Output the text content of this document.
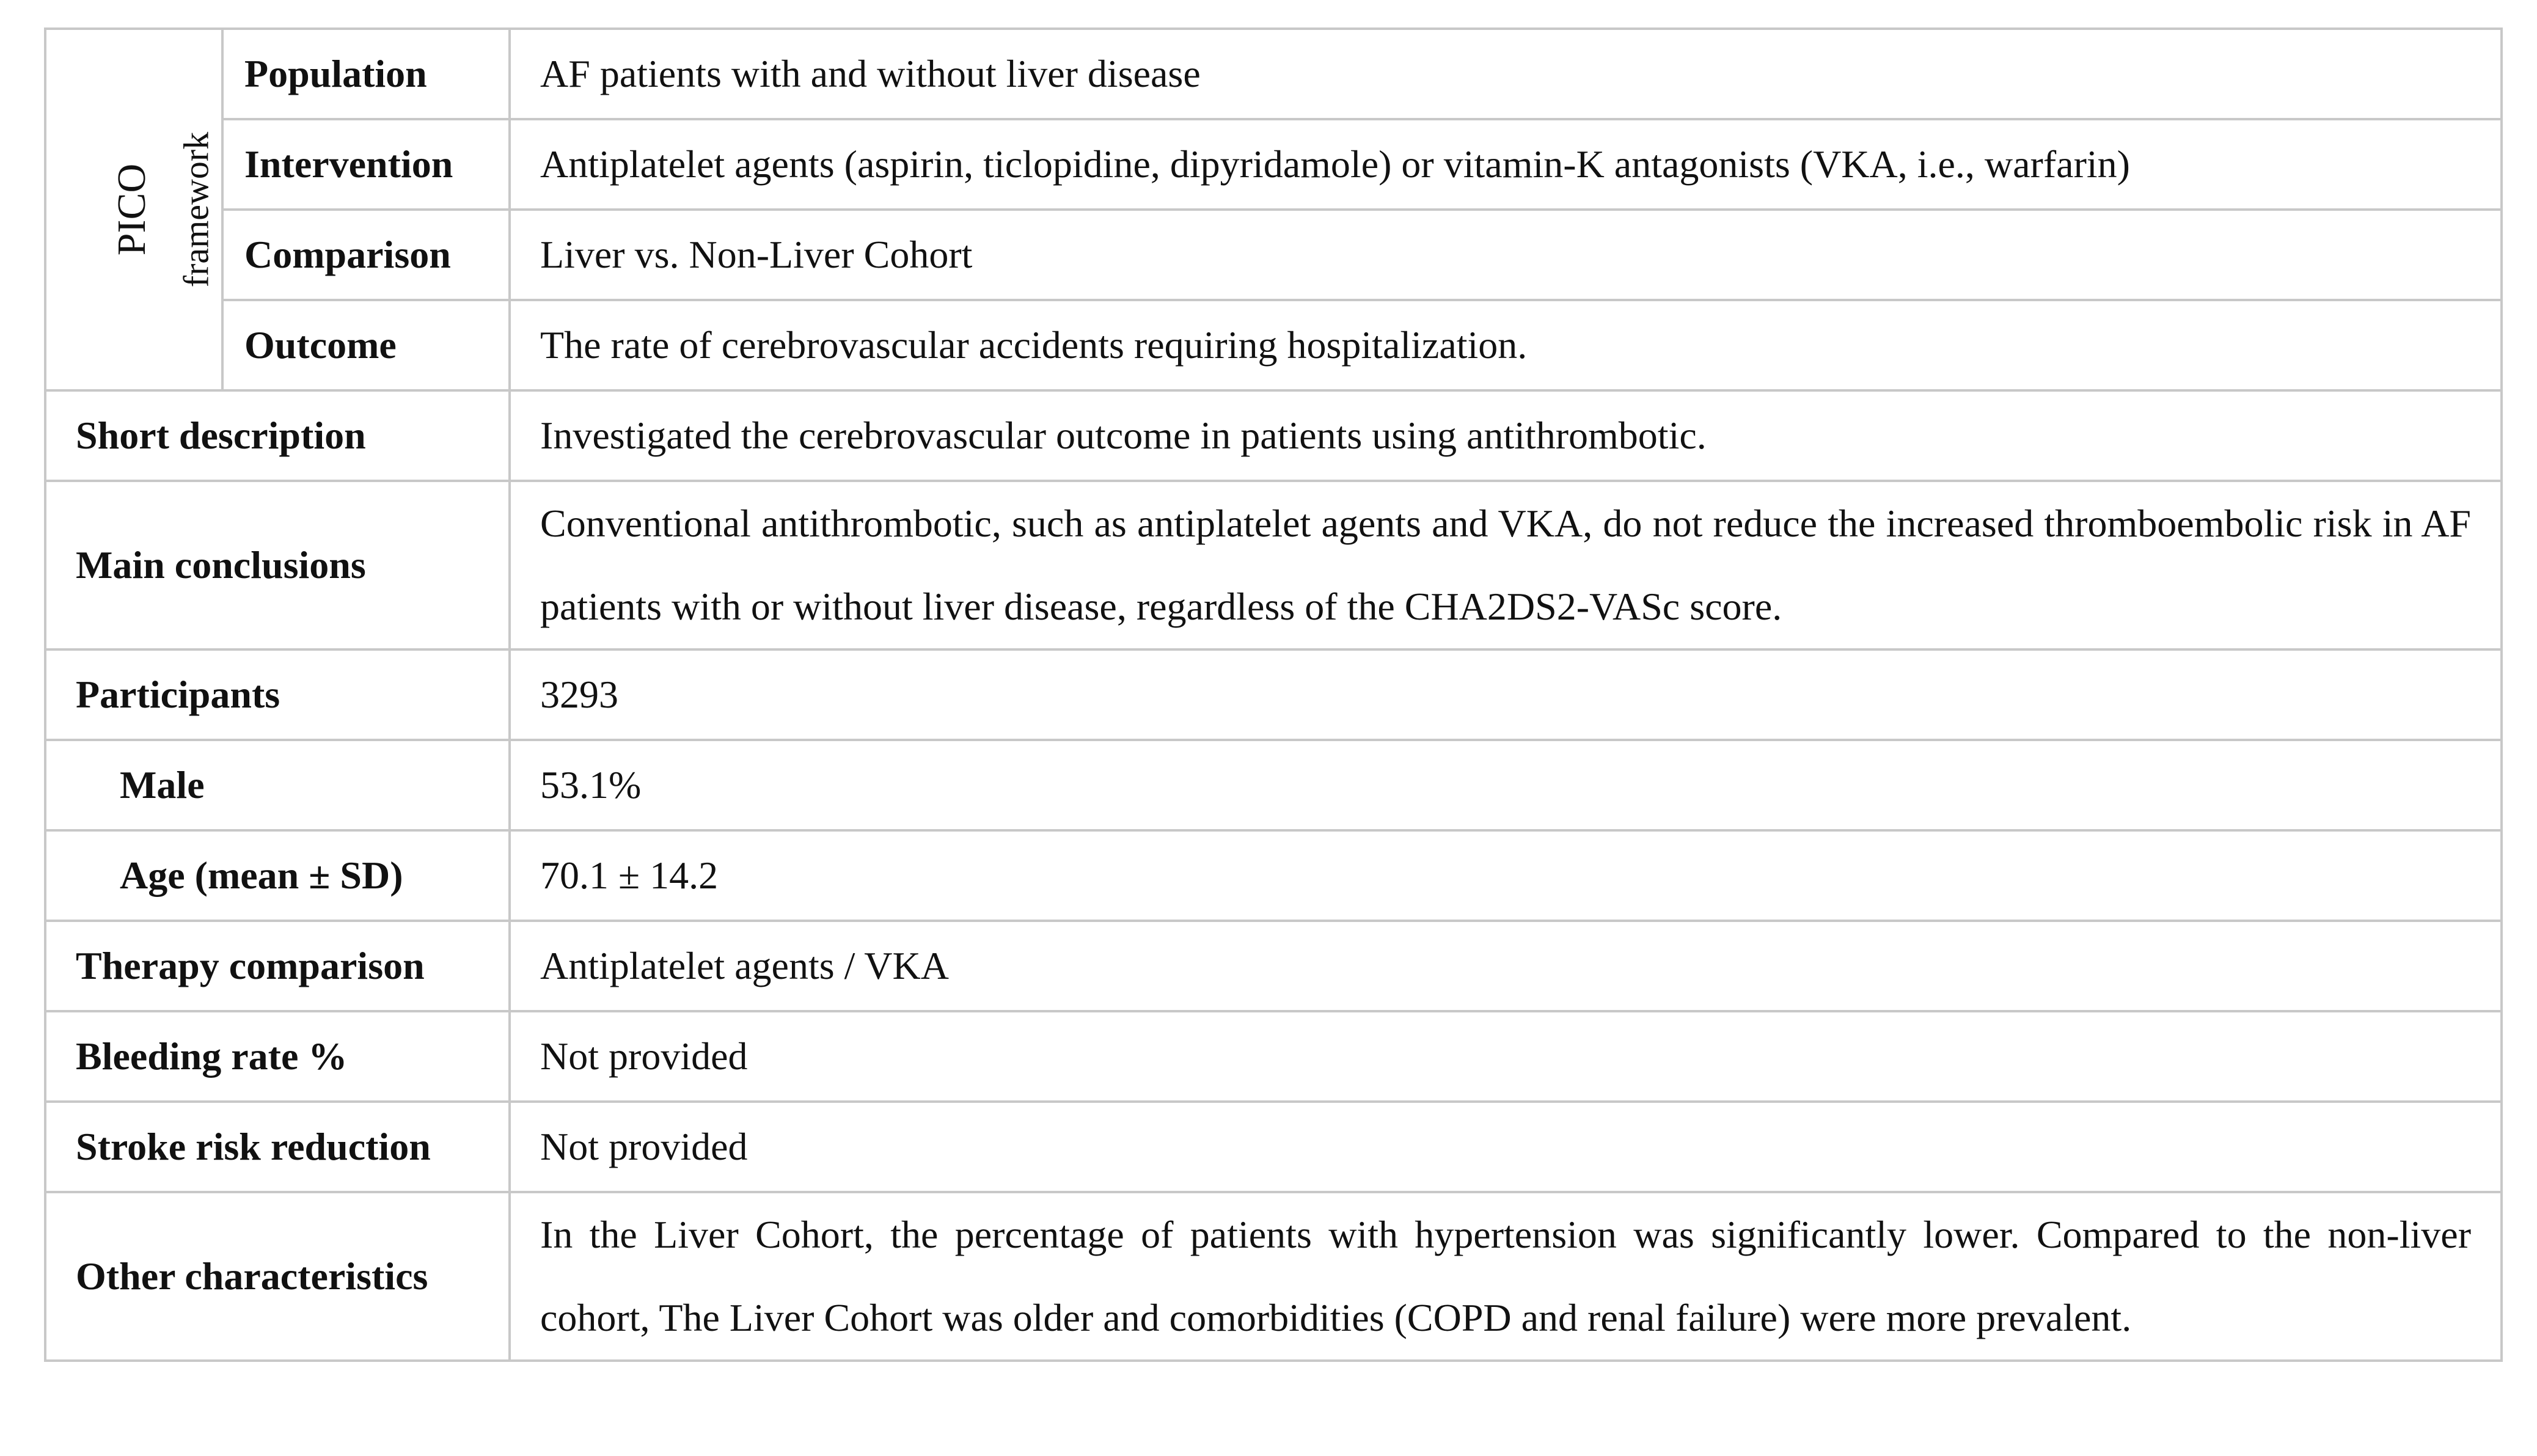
PICO framework	Population	AF patients with and without liver disease
	Intervention	Antiplatelet agents (aspirin, ticlopidine, dipyridamole) or vitamin-K antagonists (VKA, i.e., warfarin)
	Comparison	Liver vs. Non-Liver Cohort
	Outcome	The rate of cerebrovascular accidents requiring hospitalization.
Short description		Investigated the cerebrovascular outcome in patients using antithrombotic.
Main conclusions		Conventional antithrombotic, such as antiplatelet agents and VKA, do not reduce the increased thromboembolic risk in AF patients with or without liver disease, regardless of the CHA2DS2-VASc score.
Participants		3293
Male		53.1%
Age (mean ± SD)		70.1 ± 14.2
Therapy comparison		Antiplatelet agents / VKA
Bleeding rate %		Not provided
Stroke risk reduction		Not provided
Other characteristics		In the Liver Cohort, the percentage of patients with hypertension was significantly lower. Compared to the non-liver cohort, The Liver Cohort was older and comorbidities (COPD and renal failure) were more prevalent.
